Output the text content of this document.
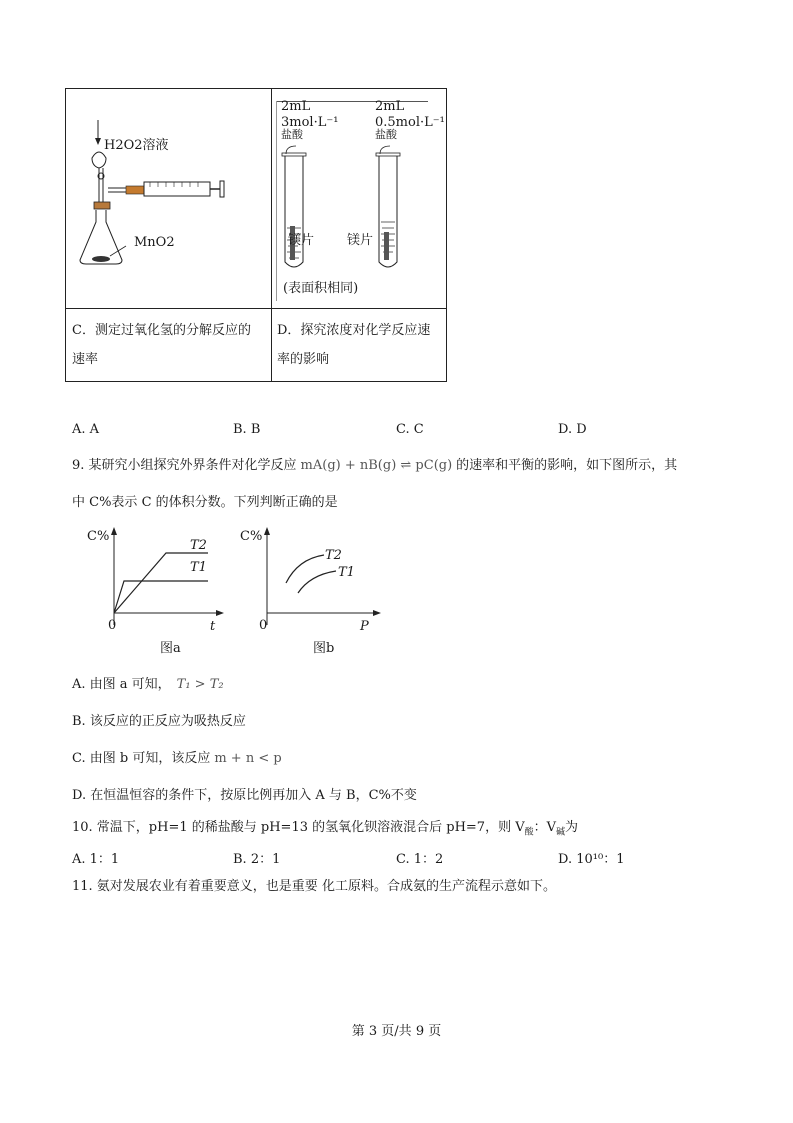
H2O2溶液
MnO2
2mL
3mol·L⁻¹
盐酸
2mL
0.5mol·L⁻¹
盐酸
镁片	镁片
(表面积相同)
C．测定过氧化氢的分解反应的
速率
D．探究浓度对化学反应速
率的影响
A. A	B. B	C. C	D. D
9. 某研究小组探究外界条件对化学反应 mA(g) + nB(g) ⇌ pC(g) 的速率和平衡的影响，如下图所示，其
中 C%表示 C 的体积分数。下列判断正确的是
C%
0	t
T2
T1
图a
C%
0	P
T2
T1
图b
A. 由图 a 可知， T₁ > T₂
B. 该反应的正反应为吸热反应
C. 由图 b 可知，该反应 m + n < p
D. 在恒温恒容的条件下，按原比例再加入 A 与 B，C%不变
10. 常温下，pH=1 的稀盐酸与 pH=13 的氢氧化钡溶液混合后 pH=7，则 $V_酸$：$V_碱$为
A. 1：1	B. 2：1	C. 1：2	D. 10¹⁰：1
11. 氨对发展农业有着重要意义，也是重要 化工原料。合成氨的生产流程示意如下。
第 3 页/共 9 页
